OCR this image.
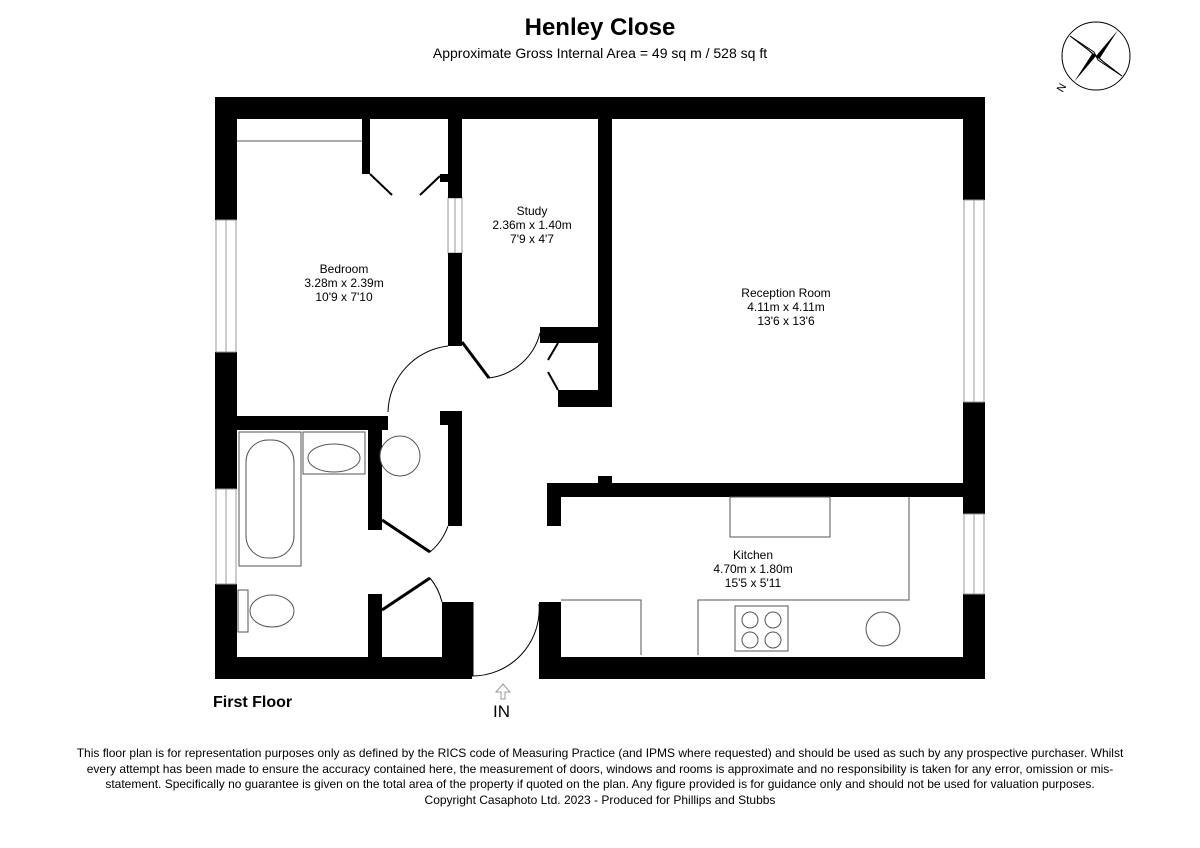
Henley Close
Approximate Gross Internal Area = 49 sq m / 528 sq ft
Bedroom
3.28m x 2.39m
10'9 x 7'10
Study
2.36m x 1.40m
7'9 x 4'7
Reception Room
4.11m x 4.11m
13'6 x 13'6
Kitchen
4.70m x 1.80m
15'5 x 5'11
N
First Floor	IN
This floor plan is for representation purposes only as defined by the RICS code of Measuring Practice (and IPMS where requested) and should be used as such by any prospective purchaser. Whilst every attempt has been made to ensure the accuracy contained here, the measurement of doors, windows and rooms is approximate and no responsibility is taken for any error, omission or mis-statement. Specifically no guarantee is given on the total area of the property if quoted on the plan. Any figure provided is for guidance only and should not be used for valuation purposes.
Copyright Casaphoto Ltd. 2023 - Produced for Phillips and Stubbs
